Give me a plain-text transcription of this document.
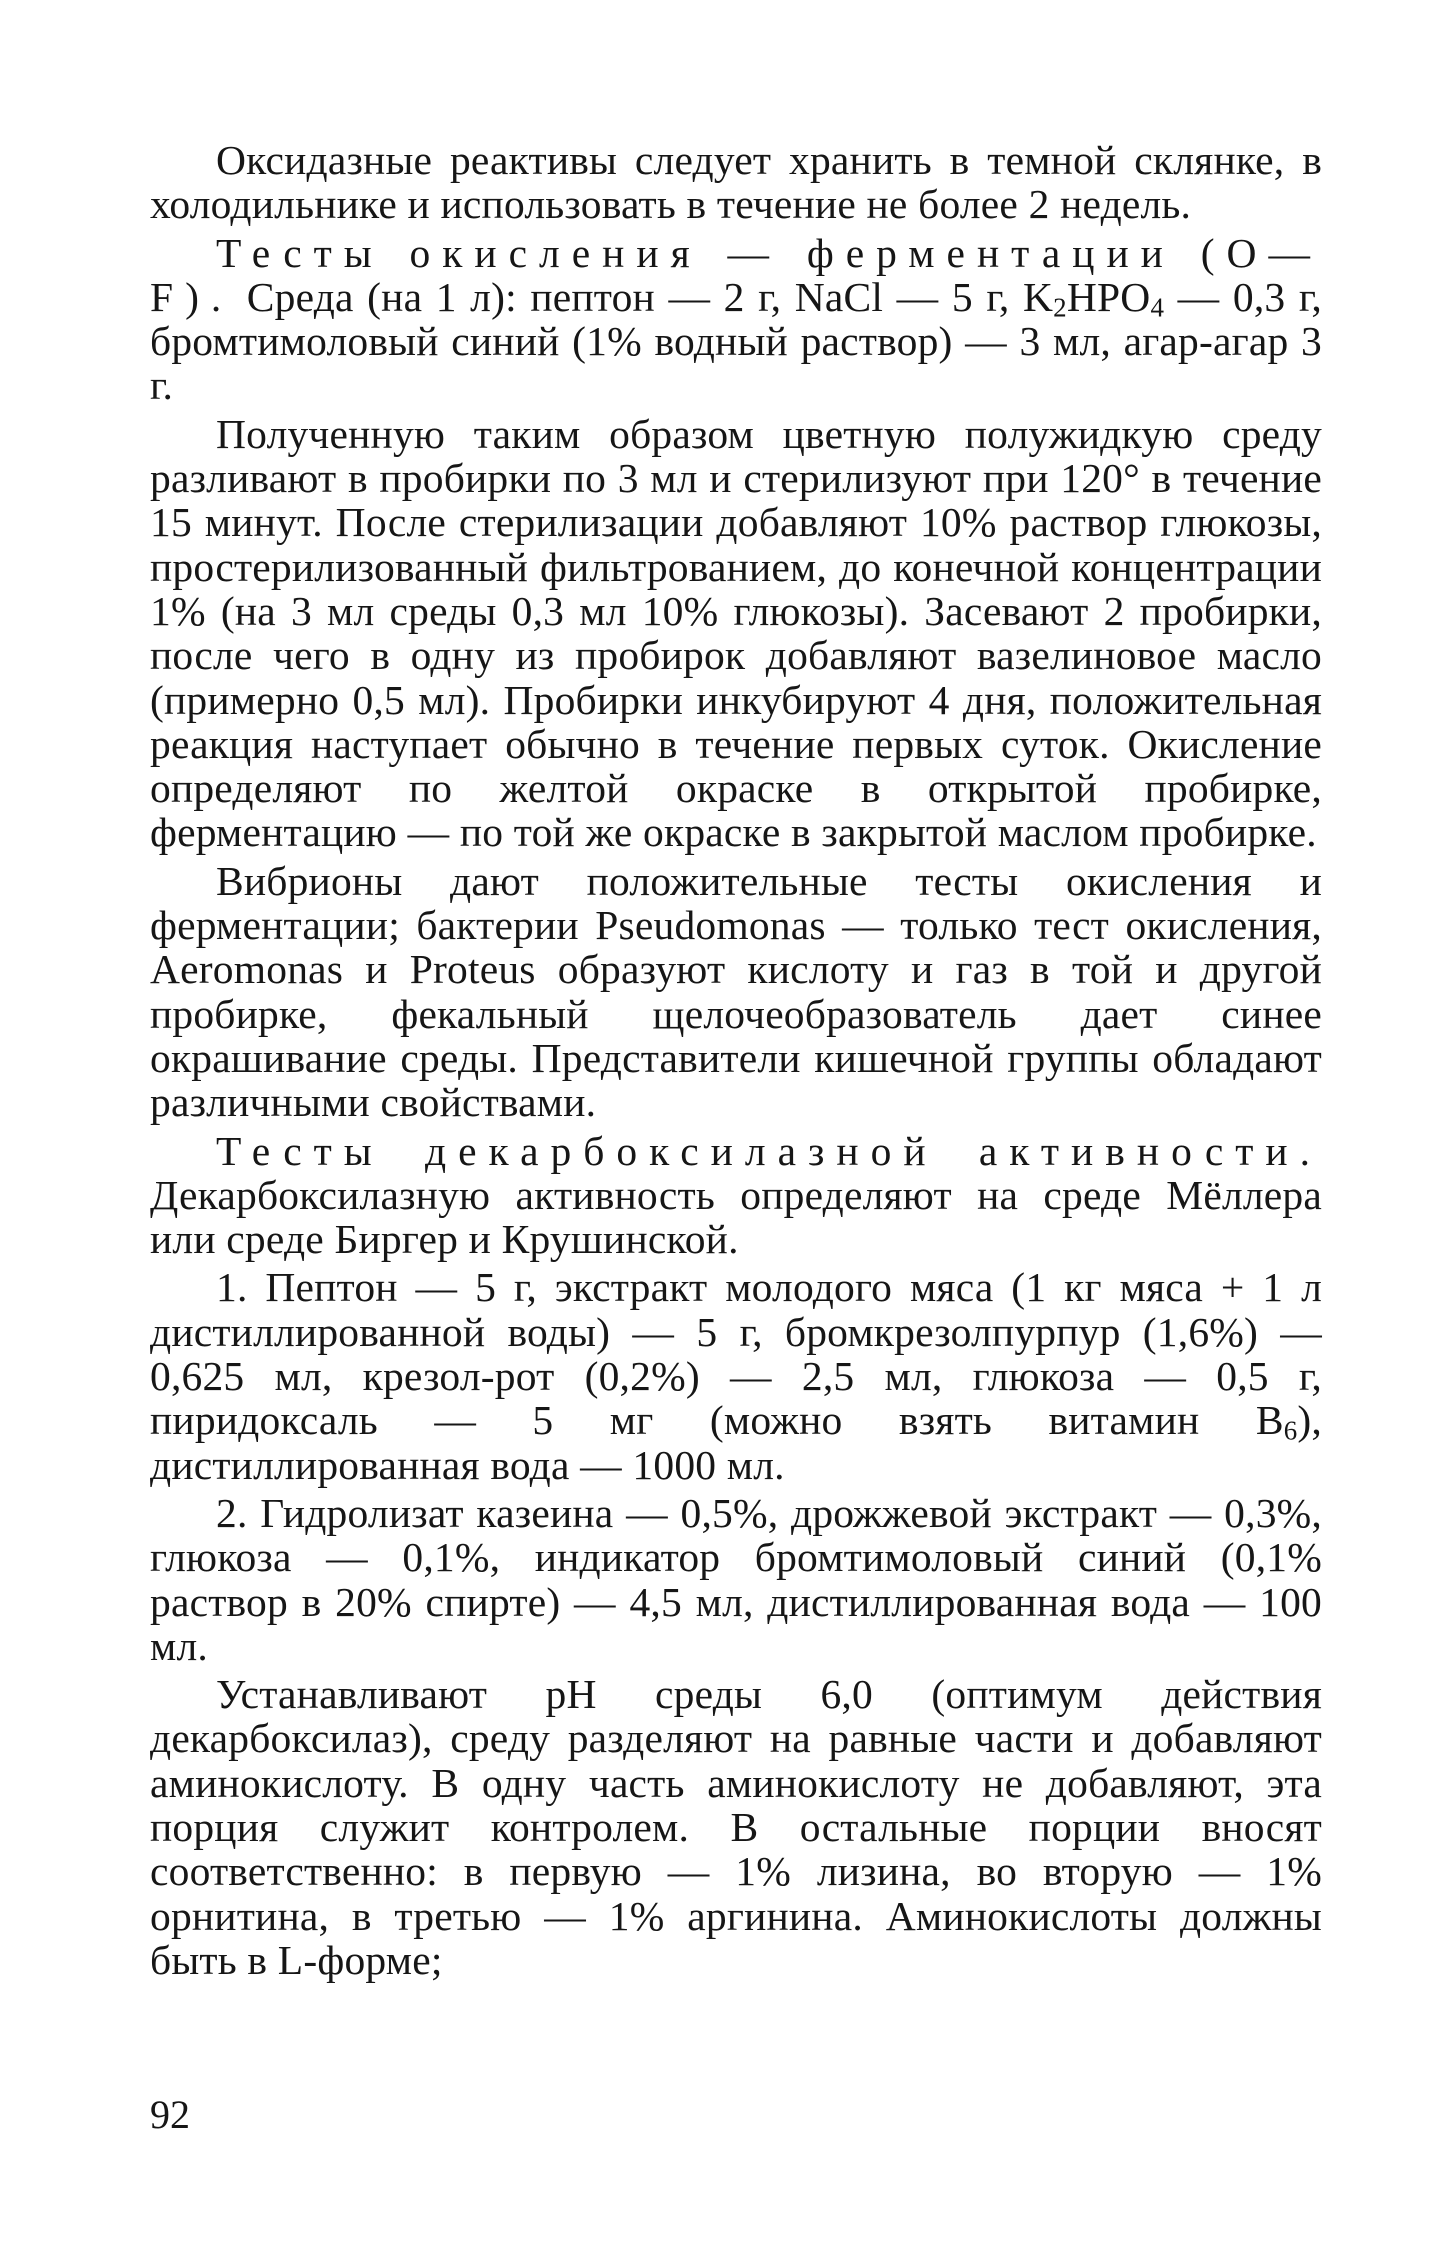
Оксидазные реактивы следует хранить в темной склянке, в холодильнике и использовать в течение не более 2 недель.

Тесты окисления — ферментации (O—F). Среда (на 1 л): пептон — 2 г, NaCl — 5 г, $K_2HPO_4$ — 0,3 г, бромтимоловый синий (1% водный раствор) — 3 мл, агар-агар 3 г.

Полученную таким образом цветную полужидкую среду разливают в пробирки по 3 мл и стерилизуют при 120° в течение 15 минут. После стерилизации добавляют 10% раствор глюкозы, простерилизованный фильтрованием, до конечной концентрации 1% (на 3 мл среды 0,3 мл 10% глюкозы). Засевают 2 пробирки, после чего в одну из пробирок добавляют вазелиновое масло (примерно 0,5 мл). Пробирки инкубируют 4 дня, положительная реакция наступает обычно в течение первых суток. Окисление определяют по желтой окраске в открытой пробирке, ферментацию — по той же окраске в закрытой маслом пробирке.

Вибрионы дают положительные тесты окисления и ферментации; бактерии Pseudomonas — только тест окисления, Aeromonas и Proteus образуют кислоту и газ в той и другой пробирке, фекальный щелочеобразователь дает синее окрашивание среды. Представители кишечной группы обладают различными свойствами.

Тесты декарбоксилазной активности. Декарбоксилазную активность определяют на среде Мёллера или среде Биргер и Крушинской.

1. Пептон — 5 г, экстракт молодого мяса (1 кг мяса + 1 л дистиллированной воды) — 5 г, бромкрезолпурпур (1,6%) — 0,625 мл, крезол-рот (0,2%) — 2,5 мл, глюкоза — 0,5 г, пиридоксаль — 5 мг (можно взять витамин $B_6$), дистиллированная вода — 1000 мл.

2. Гидролизат казеина — 0,5%, дрожжевой экстракт — 0,3%, глюкоза — 0,1%, индикатор бромтимоловый синий (0,1% раствор в 20% спирте) — 4,5 мл, дистиллированная вода — 100 мл.

Устанавливают pH среды 6,0 (оптимум действия декарбоксилаз), среду разделяют на равные части и добавляют аминокислоту. В одну часть аминокислоту не добавляют, эта порция служит контролем. В остальные порции вносят соответственно: в первую — 1% лизина, во вторую — 1% орнитина, в третью — 1% аргинина. Аминокислоты должны быть в L-форме;

92
